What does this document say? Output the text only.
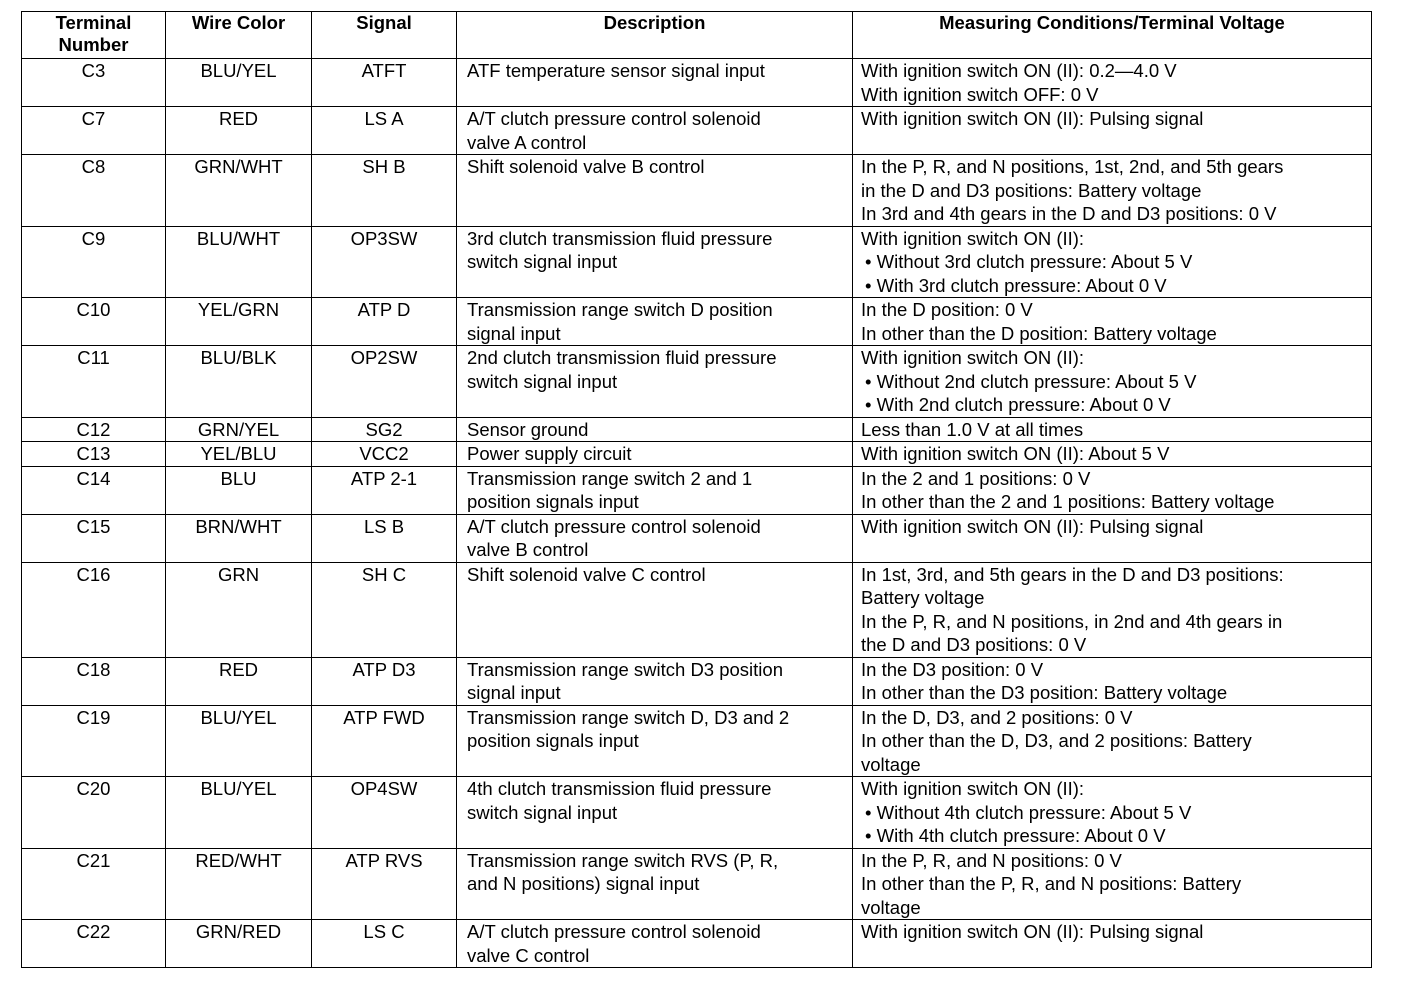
Terminal
Number	Wire Color	Signal	Description	Measuring Conditions/Terminal Voltage
C3	BLU/YEL	ATFT	ATF temperature sensor signal input	With ignition switch ON (II): 0.2—4.0 V
With ignition switch OFF: 0 V

C7	RED	LS A	A/T clutch pressure control solenoid
valve A control	With ignition switch ON (II): Pulsing signal

C8	GRN/WHT	SH B	Shift solenoid valve B control	In the P, R, and N positions, 1st, 2nd, and 5th gears
in the D and D3 positions: Battery voltage
In 3rd and 4th gears in the D and D3 positions: 0 V

C9	BLU/WHT	OP3SW	3rd clutch transmission fluid pressure
switch signal input	With ignition switch ON (II):
• Without 3rd clutch pressure: About 5 V
• With 3rd clutch pressure: About 0 V

C10	YEL/GRN	ATP D	Transmission range switch D position
signal input	In the D position: 0 V
In other than the D position: Battery voltage

C11	BLU/BLK	OP2SW	2nd clutch transmission fluid pressure
switch signal input	With ignition switch ON (II):
• Without 2nd clutch pressure: About 5 V
• With 2nd clutch pressure: About 0 V

C12	GRN/YEL	SG2	Sensor ground	Less than 1.0 V at all times

C13	YEL/BLU	VCC2	Power supply circuit	With ignition switch ON (II): About 5 V

C14	BLU	ATP 2-1	Transmission range switch 2 and 1
position signals input	In the 2 and 1 positions: 0 V
In other than the 2 and 1 positions: Battery voltage

C15	BRN/WHT	LS B	A/T clutch pressure control solenoid
valve B control	With ignition switch ON (II): Pulsing signal

C16	GRN	SH C	Shift solenoid valve C control	In 1st, 3rd, and 5th gears in the D and D3 positions:
Battery voltage
In the P, R, and N positions, in 2nd and 4th gears in
the D and D3 positions: 0 V

C18	RED	ATP D3	Transmission range switch D3 position
signal input	In the D3 position: 0 V
In other than the D3 position: Battery voltage

C19	BLU/YEL	ATP FWD	Transmission range switch D, D3 and 2
position signals input	In the D, D3, and 2 positions: 0 V
In other than the D, D3, and 2 positions: Battery
voltage

C20	BLU/YEL	OP4SW	4th clutch transmission fluid pressure
switch signal input	With ignition switch ON (II):
• Without 4th clutch pressure: About 5 V
• With 4th clutch pressure: About 0 V

C21	RED/WHT	ATP RVS	Transmission range switch RVS (P, R,
and N positions) signal input	In the P, R, and N positions: 0 V
In other than the P, R, and N positions: Battery
voltage

C22	GRN/RED	LS C	A/T clutch pressure control solenoid
valve C control	With ignition switch ON (II): Pulsing signal
